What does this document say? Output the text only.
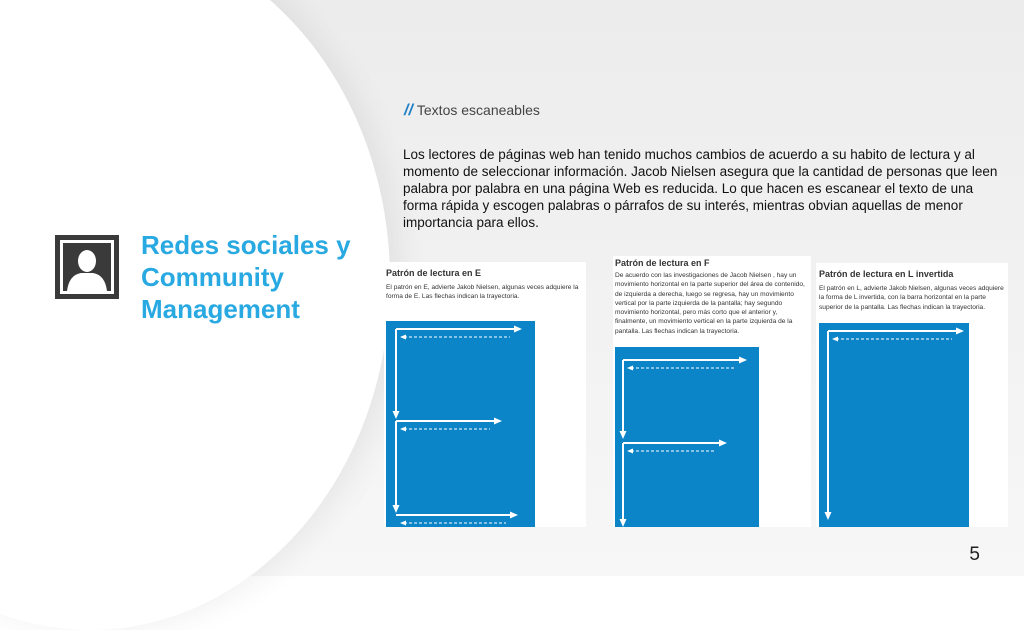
Redes sociales y
Community
Management
// Textos escaneables
Los lectores de páginas web han tenido muchos cambios de acuerdo a su habito de lectura y al momento de seleccionar información. Jacob Nielsen asegura que la cantidad de personas que leen palabra por palabra en una página Web es reducida. Lo que hacen es escanear el texto de una forma rápida y escogen palabras o párrafos de su interés, mientras obvian aquellas de menor importancia para ellos.
Patrón de lectura en E
El patrón en E, advierte Jakob Nielsen, algunas veces adquiere la forma de E. Las flechas indican la trayectoria.
Patrón de lectura en F
De acuerdo con las investigaciones de Jacob Nielsen , hay un movimiento horizontal en la parte superior del área de contenido, de izquierda a derecha, luego se regresa, hay un movimiento vertical por la parte izquierda de la pantalla; hay segundo movimiento horizontal, pero más corto que el anterior y, finalmente, un movimiento vertical en la parte izquierda de la pantalla. Las flechas indican la trayectoria.
Patrón de lectura en L invertida
El patrón en L, advierte Jakob Nielsen, algunas veces adquiere la forma de L invertida, con la barra horizontal en la parte superior de la pantalla. Las flechas indican la trayectoria.
5
